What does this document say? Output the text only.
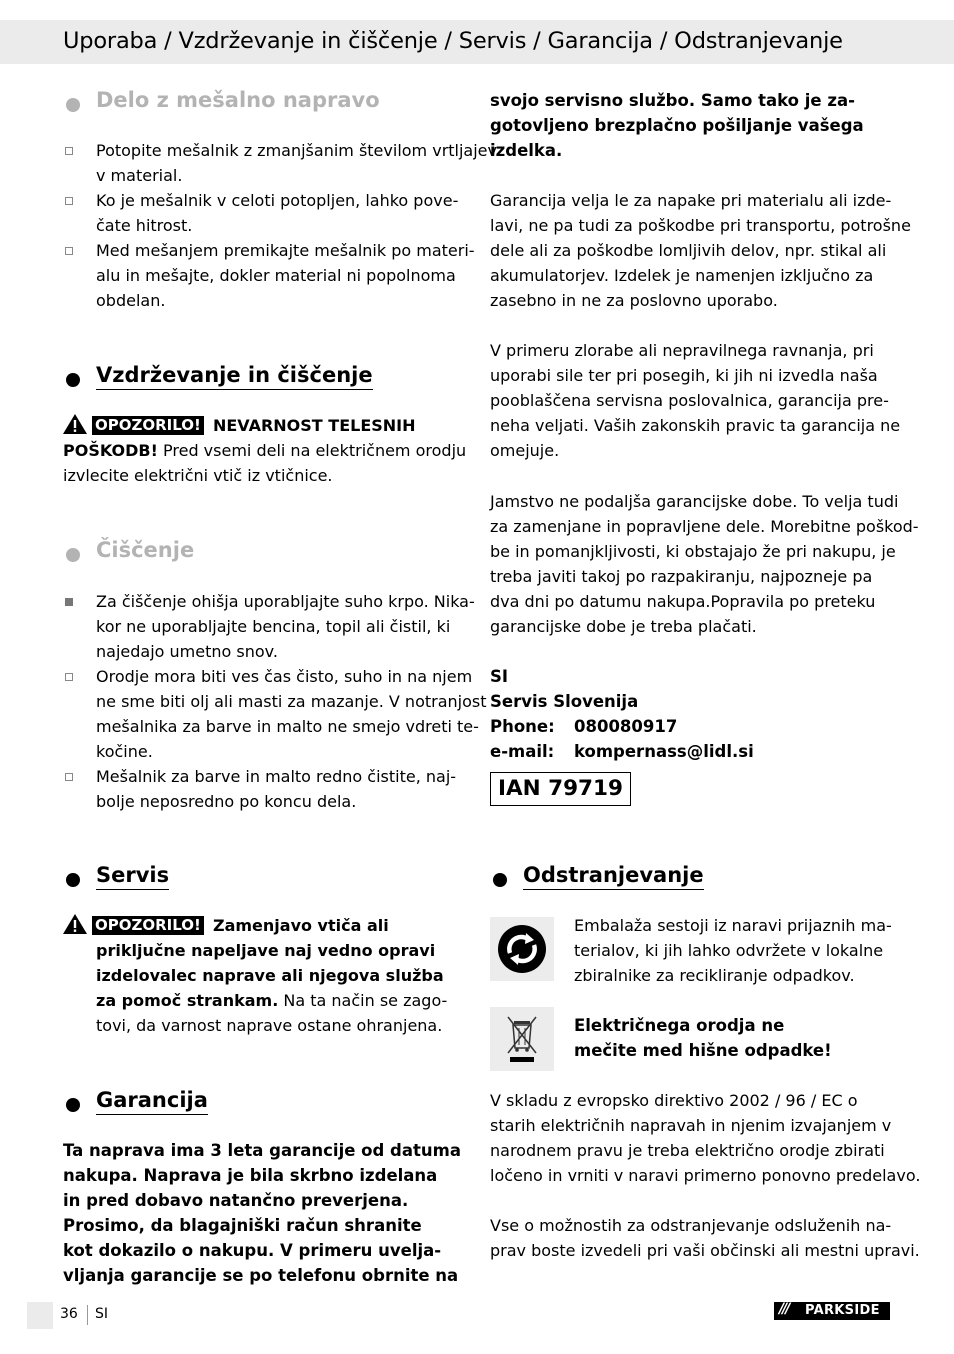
Uporaba / Vzdrževanje in čiščenje / Servis / Garancija / Odstranjevanje
Delo z mešalno napravo
Potopite mešalnik z zmanjšanim številom vrtljajev
v material.
Ko je mešalnik v celoti potopljen, lahko pove-
čate hitrost.
Med mešanjem premikajte mešalnik po materi-
alu in mešajte, dokler material ni popolnoma
obdelan.
Vzdrževanje in čiščenje
OPOZORILO! NEVARNOST TELESNIH
POŠKODB! Pred vsemi deli na električnem orodju
izvlecite električni vtič iz vtičnice.
Čiščenje
Za čiščenje ohišja uporabljajte suho krpo. Nika-
kor ne uporabljajte bencina, topil ali čistil, ki
najedajo umetno snov.
Orodje mora biti ves čas čisto, suho in na njem
ne sme biti olj ali masti za mazanje. V notranjost
mešalnika za barve in malto ne smejo vdreti te-
kočine.
Mešalnik za barve in malto redno čistite, naj-
bolje neposredno po koncu dela.
Servis
OPOZORILO! Zamenjavo vtiča ali
priključne napeljave naj vedno opravi
izdelovalec naprave ali njegova služba
za pomoč strankam. Na ta način se zago-
tovi, da varnost naprave ostane ohranjena.
Garancija
Ta naprava ima 3 leta garancije od datuma
nakupa. Naprava je bila skrbno izdelana
in pred dobavo natančno preverjena.
Prosimo, da blagajniški račun shranite
kot dokazilo o nakupu. V primeru uvelja-
vljanja garancije se po telefonu obrnite na
svojo servisno službo. Samo tako je za-
gotovljeno brezplačno pošiljanje vašega
izdelka.
Garancija velja le za napake pri materialu ali izde-
lavi, ne pa tudi za poškodbe pri transportu, potrošne
dele ali za poškodbe lomljivih delov, npr. stikal ali
akumulatorjev. Izdelek je namenjen izključno za
zasebno in ne za poslovno uporabo.
V primeru zlorabe ali nepravilnega ravnanja, pri
uporabi sile ter pri posegih, ki jih ni izvedla naša
pooblaščena servisna poslovalnica, garancija pre-
neha veljati. Vaših zakonskih pravic ta garancija ne
omejuje.
Jamstvo ne podaljša garancijske dobe. To velja tudi
za zamenjane in popravljene dele. Morebitne poškod-
be in pomanjkljivosti, ki obstajajo že pri nakupu, je
treba javiti takoj po razpakiranju, najpozneje pa
dva dni po datumu nakupa.Popravila po preteku
garancijske dobe je treba plačati.
SI
Servis Slovenija
Phone: 080080917
e-mail: kompernass@lidl.si
IAN 79719
Odstranjevanje
Embalaža sestoji iz naravi prijaznih ma-
terialov, ki jih lahko odvržete v lokalne
zbiralnike za recikliranje odpadkov.
Električnega orodja ne
mečite med hišne odpadke!
V skladu z evropsko direktivo 2002 / 96 / EC o
starih električnih napravah in njenim izvajanjem v
narodnem pravu je treba električno orodje zbirati
ločeno in vrniti v naravi primerno ponovno predelavo.
Vse o možnostih za odstranjevanje odsluženih na-
prav boste izvedeli pri vaši občinski ali mestni upravi.
36 SI	/// PARKSIDE
